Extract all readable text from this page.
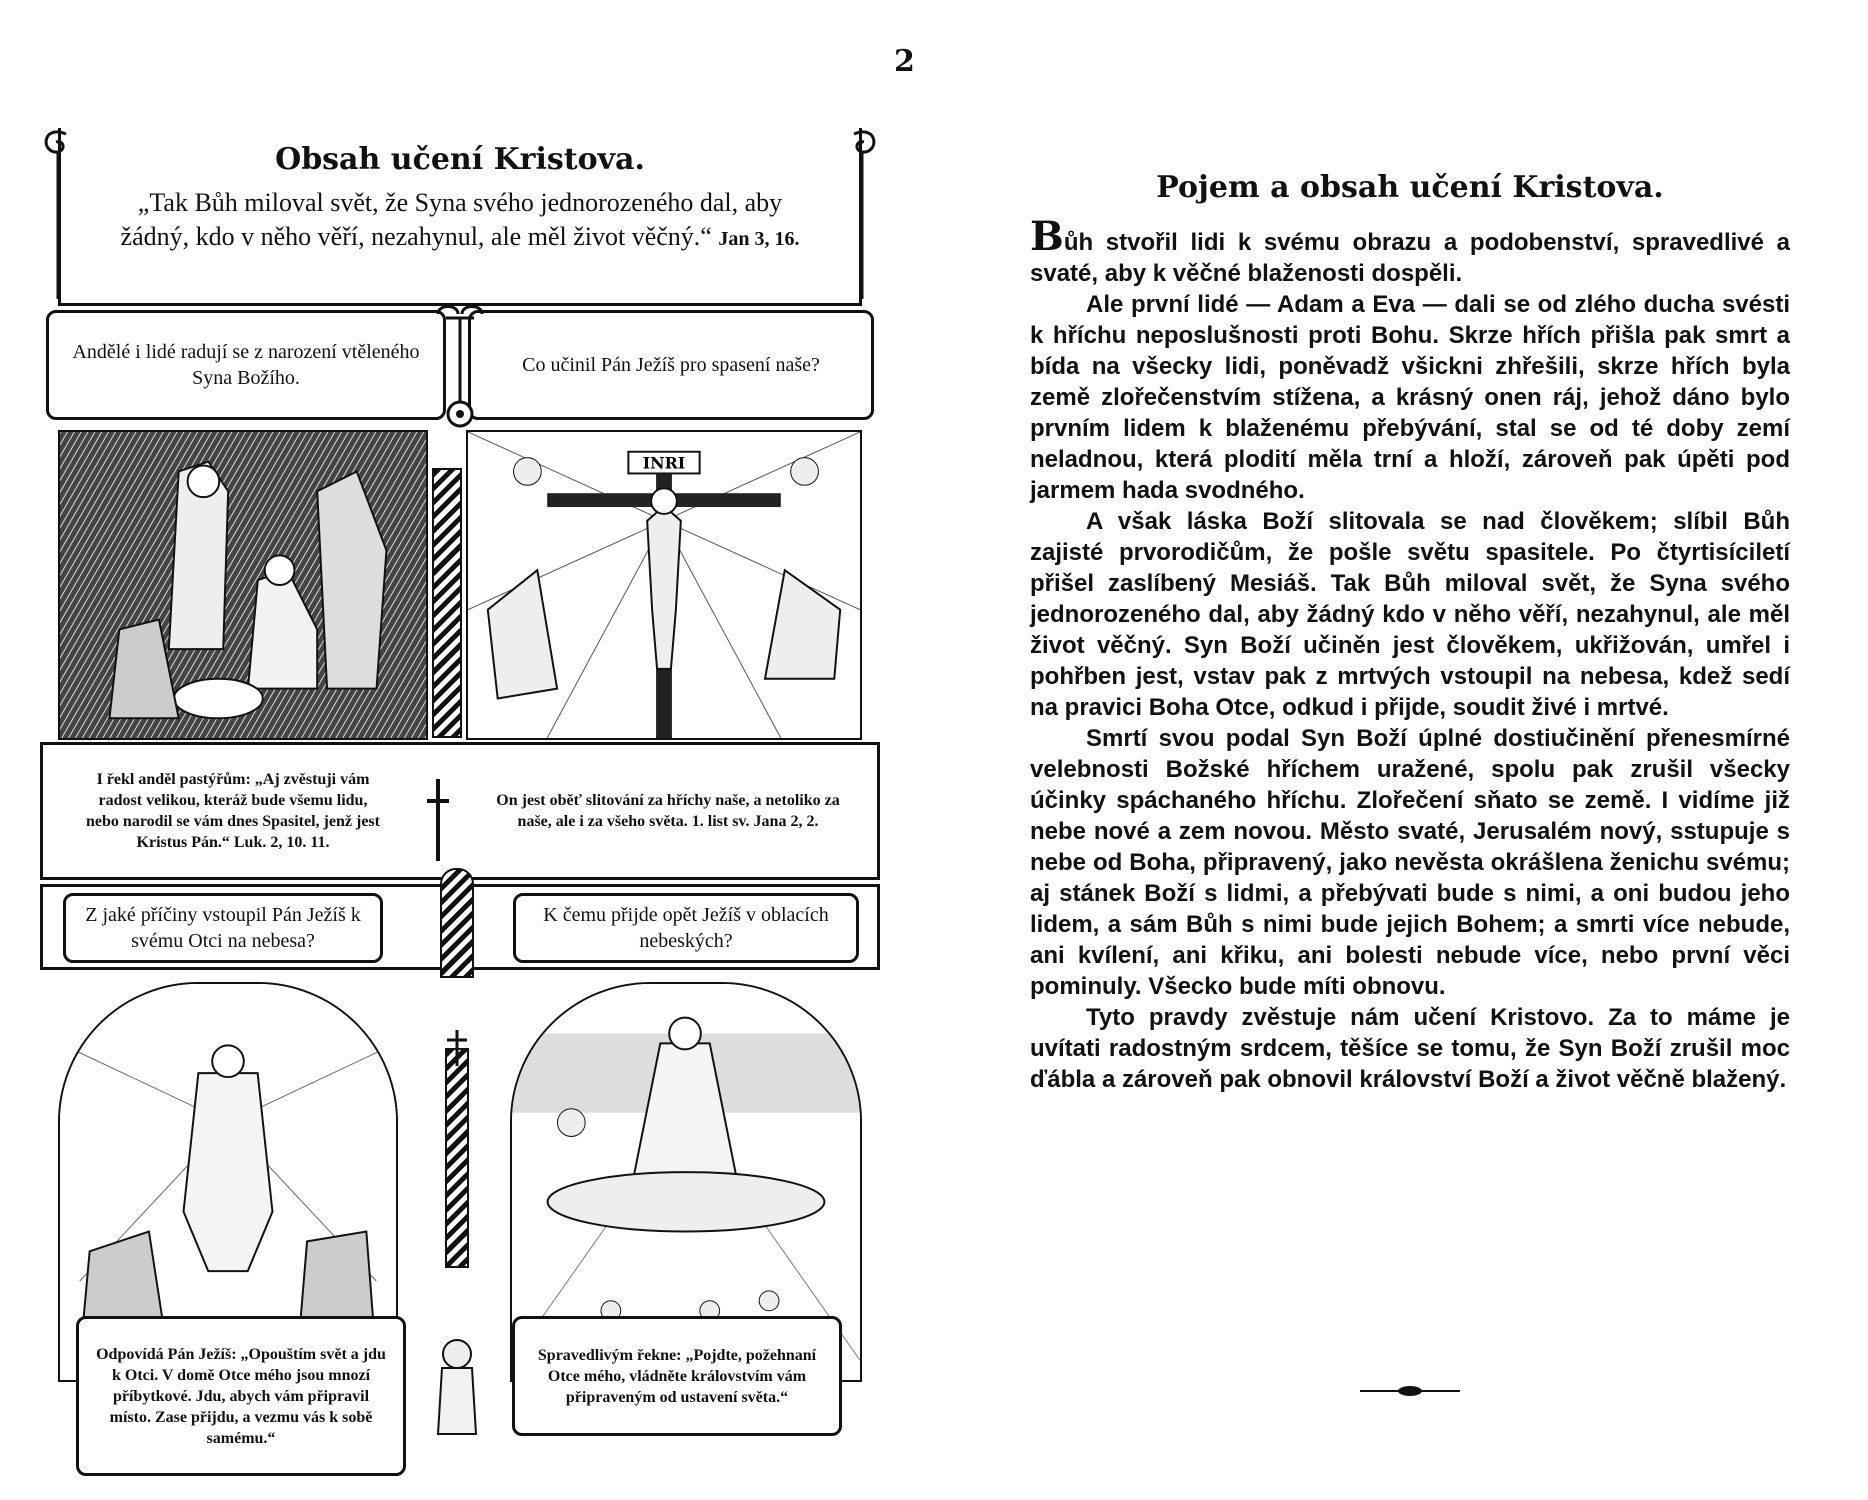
2
Obsah učení Kristova.
„Tak Bůh miloval svět, že Syna svého jednorozeného dal, aby žádný, kdo v něho věří, nezahynul, ale měl život věčný.“ Jan 3, 16.
Andělé i lidé radují se z narození vtěleného Syna Božího.
Co učinil Pán Ježíš pro spasení naše?
INRI
I řekl anděl pastýřům: „Aj zvěstuji vám radost velikou, kteráž bude všemu lidu, nebo narodil se vám dnes Spasitel, jenž jest Kristus Pán.“ Luk. 2, 10. 11.
On jest oběť slitování za hříchy naše, a netoliko za naše, ale i za všeho světa. 1. list sv. Jana 2, 2.
Z jaké příčiny vstoupil Pán Ježíš k svému Otci na nebesa?
K čemu přijde opět Ježíš v oblacích nebeských?
Odpovídá Pán Ježíš: „Opouštím svět a jdu k Otci. V domě Otce mého jsou mnozí příbytkové. Jdu, abych vám připravil místo. Zase přijdu, a vezmu vás k sobě samému.“
Spravedlivým řekne: „Pojdte, požehnaní Otce mého, vládněte královstvím vám připraveným od ustavení světa.“
Pojem a obsah učení Kristova.

Bůh stvořil lidi k svému obrazu a podobenství, spravedlivé a svaté, aby k věčné blaženosti dospěli.

Ale první lidé — Adam a Eva — dali se od zlého ducha svésti k hříchu neposlušnosti proti Bohu. Skrze hřích přišla pak smrt a bída na všecky lidi, poněvadž všickni zhřešili, skrze hřích byla země zlořečenstvím stížena, a krásný onen ráj, jehož dáno bylo prvním lidem k blaženému přebývání, stal se od té doby zemí neladnou, která plodití měla trní a hloží, zároveň pak úpěti pod jarmem hada svodného.

A však láska Boží slitovala se nad člověkem; slíbil Bůh zajisté prvorodičům, že pošle světu spasitele. Po čtyrtisíciletí přišel zaslíbený Mesiáš. Tak Bůh miloval svět, že Syna svého jednorozeného dal, aby žádný kdo v něho věří, nezahynul, ale měl život věčný. Syn Boží učiněn jest člověkem, ukřižován, umřel i pohřben jest, vstav pak z mrtvých vstoupil na nebesa, kdež sedí na pravici Boha Otce, odkud i přijde, soudit živé i mrtvé.

Smrtí svou podal Syn Boží úplné dostiučinění přenesmírné velebnosti Božské hříchem uražené, spolu pak zrušil všecky účinky spáchaného hříchu. Zlořečení sňato se země. I vidíme již nebe nové a zem novou. Město svaté, Jerusalém nový, sstupuje s nebe od Boha, připravený, jako nevěsta okrášlena ženichu svému; aj stánek Boží s lidmi, a přebývati bude s nimi, a oni budou jeho lidem, a sám Bůh s nimi bude jejich Bohem; a smrti více nebude, ani kvílení, ani křiku, ani bolesti nebude více, nebo první věci pominuly. Všecko bude míti obnovu.

Tyto pravdy zvěstuje nám učení Kristovo. Za to máme je uvítati radostným srdcem, těšíce se tomu, že Syn Boží zrušil moc ďábla a zároveň pak obnovil království Boží a život věčně blažený.
